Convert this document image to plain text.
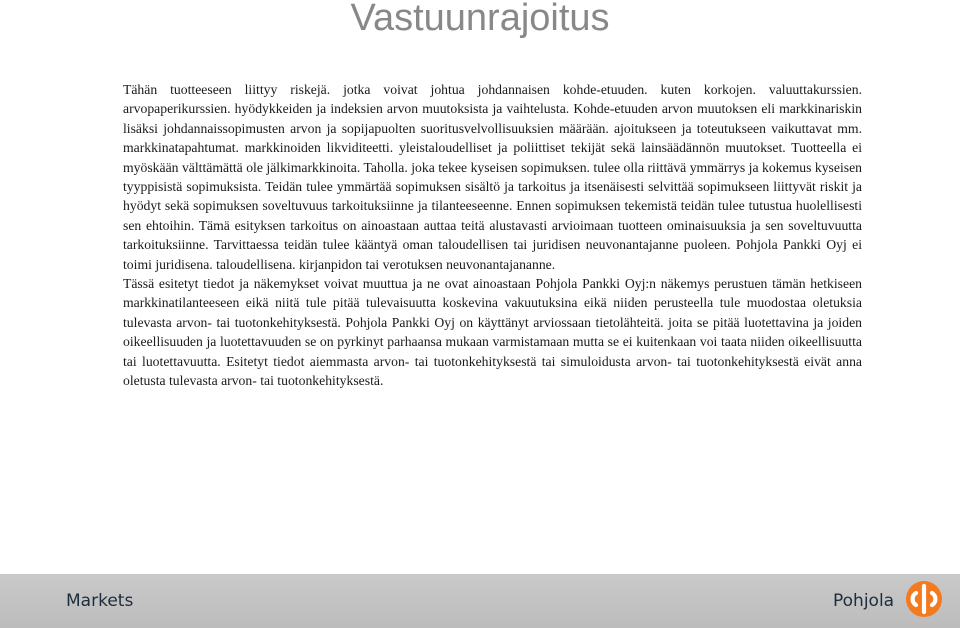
Vastuunrajoitus

Tähän tuotteeseen liittyy riskejä. jotka voivat johtua johdannaisen kohde-etuuden. kuten korkojen. valuuttakurssien. arvopaperikurssien. hyödykkeiden ja indeksien arvon muutoksista ja vaihtelusta. Kohde-etuuden arvon muutoksen eli markkinariskin lisäksi johdannaissopimusten arvon ja sopijapuolten suoritusvelvollisuuksien määrään. ajoitukseen ja toteutukseen vaikuttavat mm. markkinatapahtumat. markkinoiden likviditeetti. yleistaloudelliset ja poliittiset tekijät sekä lainsäädännön muutokset. Tuotteella ei myöskään välttämättä ole jälkimarkkinoita. Taholla. joka tekee kyseisen sopimuksen. tulee olla riittävä ymmärrys ja kokemus kyseisen tyyppisistä sopimuksista. Teidän tulee ymmärtää sopimuksen sisältö ja tarkoitus ja itsenäisesti selvittää sopimukseen liittyvät riskit ja hyödyt sekä sopimuksen soveltuvuus tarkoituksiinne ja tilanteeseenne. Ennen sopimuksen tekemistä teidän tulee tutustua huolellisesti sen ehtoihin. Tämä esityksen tarkoitus on ainoastaan auttaa teitä alustavasti arvioimaan tuotteen ominaisuuksia ja sen soveltuvuutta tarkoituksiinne. Tarvittaessa teidän tulee kääntyä oman taloudellisen tai juridisen neuvonantajanne puoleen. Pohjola Pankki Oyj ei toimi juridisena. taloudellisena. kirjanpidon tai verotuksen neuvonantajananne.

Tässä esitetyt tiedot ja näkemykset voivat muuttua ja ne ovat ainoastaan Pohjola Pankki Oyj:n näkemys perustuen tämän hetkiseen markkinatilanteeseen eikä niitä tule pitää tulevaisuutta koskevina vakuutuksina eikä niiden perusteella tule muodostaa oletuksia tulevasta arvon- tai tuotonkehityksestä. Pohjola Pankki Oyj on käyttänyt arviossaan tietolähteitä. joita se pitää luotettavina ja joiden oikeellisuuden ja luotettavuuden se on pyrkinyt parhaansa mukaan varmistamaan mutta se ei kuitenkaan voi taata niiden oikeellisuutta tai luotettavuutta. Esitetyt tiedot aiemmasta arvon- tai tuotonkehityksestä tai simuloidusta arvon- tai tuotonkehityksestä eivät anna oletusta tulevasta arvon- tai tuotonkehityksestä.

Markets	Pohjola
